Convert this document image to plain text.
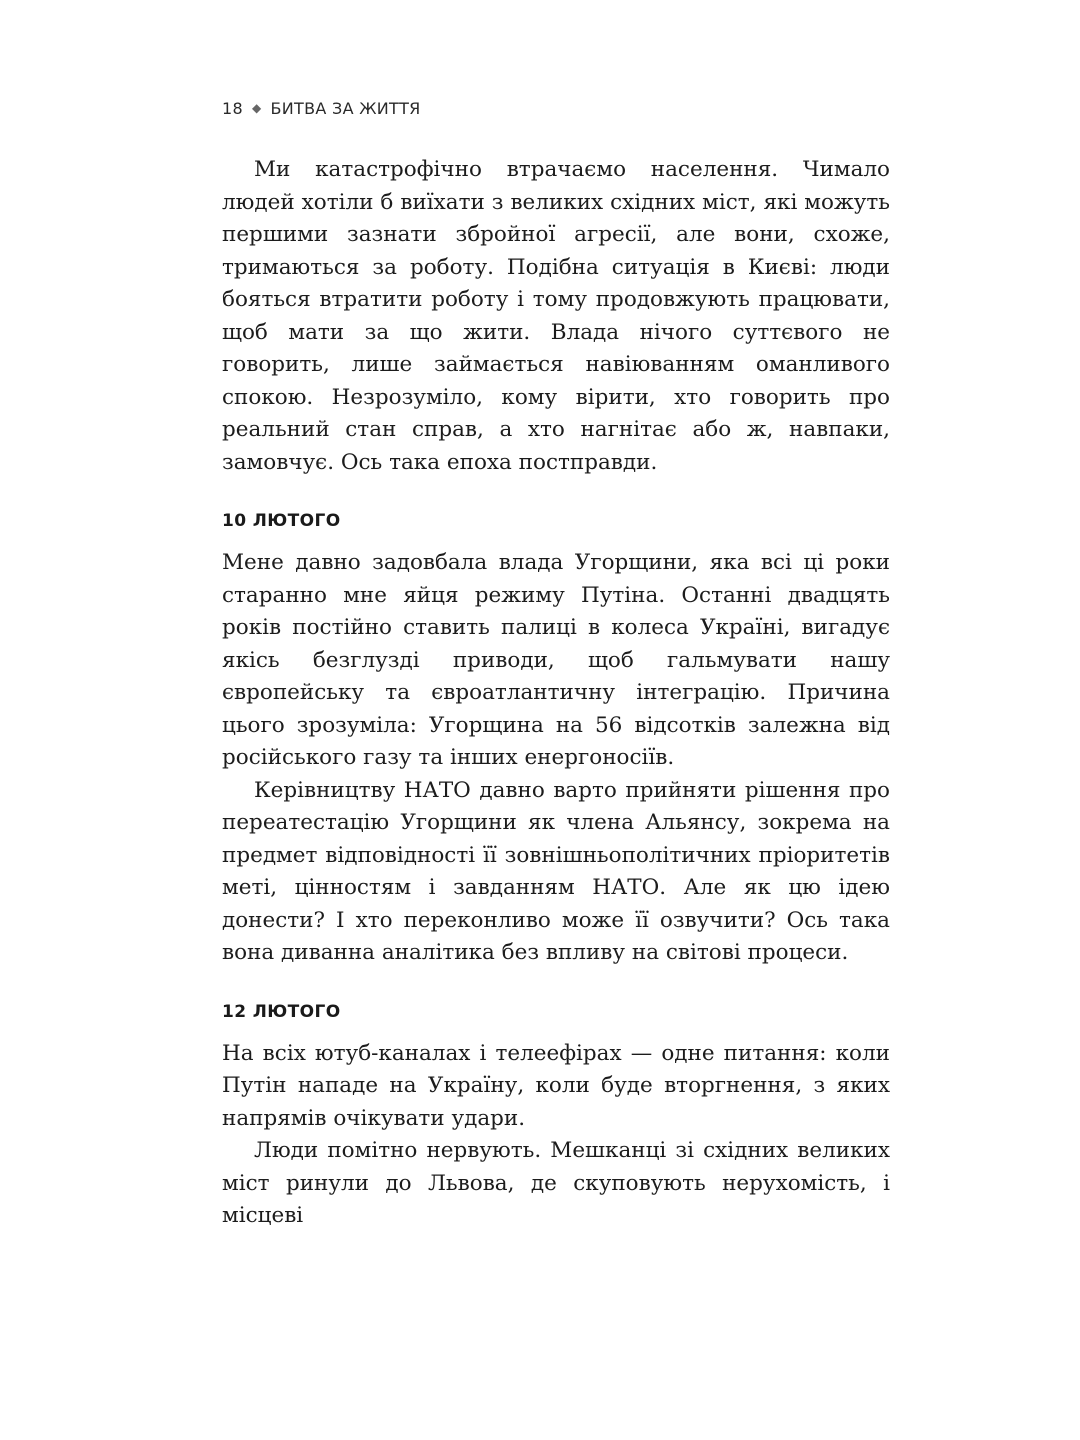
18 ◆ БИТВА ЗА ЖИТТЯ

Ми катастрофічно втрачаємо населення. Чимало людей хотіли б виїхати з великих східних міст, які можуть першими зазнати збройної агресії, але вони, схоже, тримаються за роботу. Подібна ситуація в Києві: люди бояться втратити роботу і тому продовжують працювати, щоб мати за що жити. Влада нічого суттєвого не говорить, лише займається навіюванням оманливого спокою. Незрозуміло, кому вірити, хто говорить про реальний стан справ, а хто нагнітає або ж, навпаки, замовчує. Ось така епоха постправди.

10 ЛЮТОГО

Мене давно задовбала влада Угорщини, яка всі ці роки старанно мне яйця режиму Путіна. Останні двадцять років постійно ставить палиці в колеса Україні, вигадує якісь безглузді приводи, щоб гальмувати нашу європейську та євроатлантичну інтеграцію. Причина цього зрозуміла: Угорщина на 56 відсотків залежна від російського газу та інших енергоносіїв.

Керівництву НАТО давно варто прийняти рішення про переатестацію Угорщини як члена Альянсу, зокрема на предмет відповідності її зовнішньополітичних пріоритетів меті, цінностям і завданням НАТО. Але як цю ідею донести? І хто переконливо може її озвучити? Ось така вона диванна аналітика без впливу на світові процеси.

12 ЛЮТОГО

На всіх ютуб-каналах і телеефірах — одне питання: коли Путін нападе на Україну, коли буде вторгнення, з яких напрямів очікувати удари.

Люди помітно нервують. Мешканці зі східних великих міст ринули до Львова, де скуповують нерухомість, і місцеві
